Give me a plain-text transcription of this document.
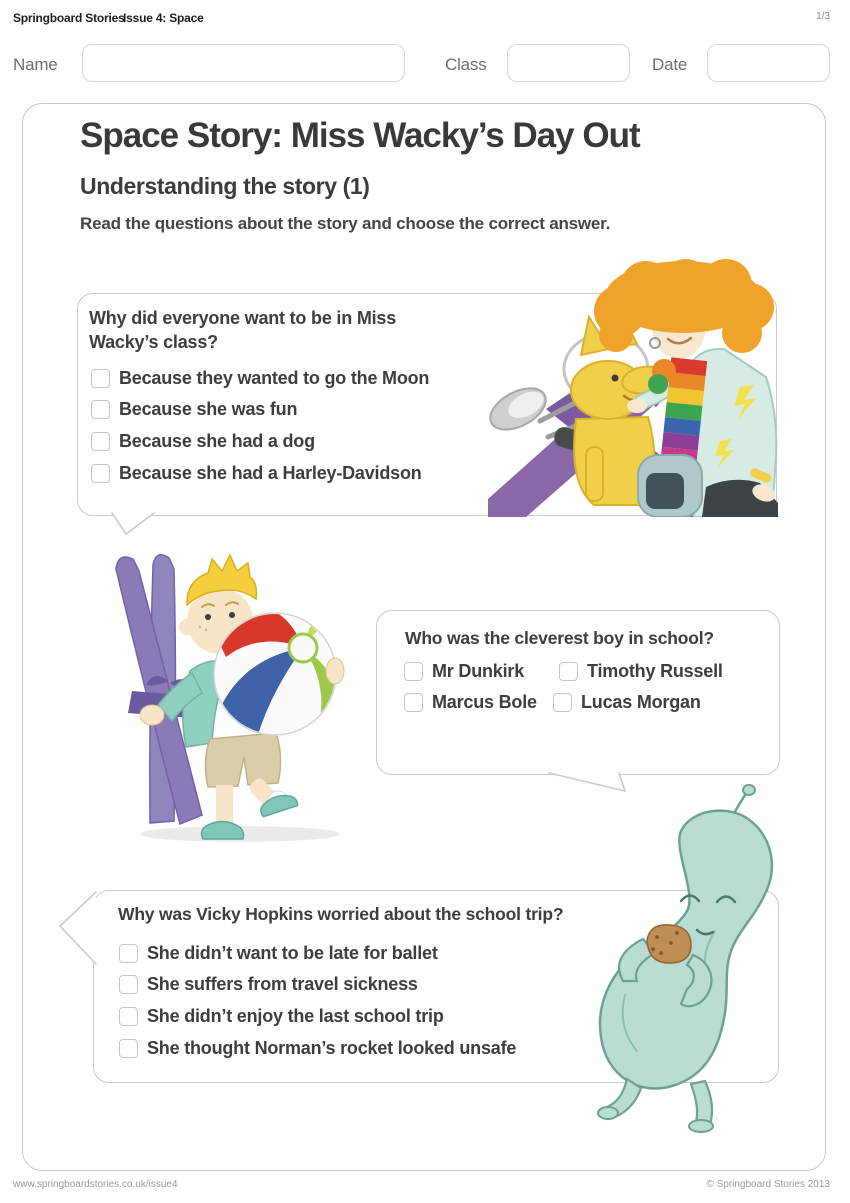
Springboard Stories
Issue 4: Space	1/3
Name	Class	Date
Space Story: Miss Wacky’s Day Out
Understanding the story (1)
Read the questions about the story and choose the correct answer.
Why did everyone want to be in Miss Wacky’s class?
Because they wanted to go the Moon
Because she was fun
Because she had a dog
Because she had a Harley-Davidson
Who was the cleverest boy in school?
Mr Dunkirk	Timothy Russell
Marcus Bole Lucas Morgan
Why was Vicky Hopkins worried about the school trip?
She didn’t want to be late for ballet
She suffers from travel sickness
She didn’t enjoy the last school trip
She thought Norman’s rocket looked unsafe
www.springboardstories.co.uk/issue4	© Springboard Stories 2013
